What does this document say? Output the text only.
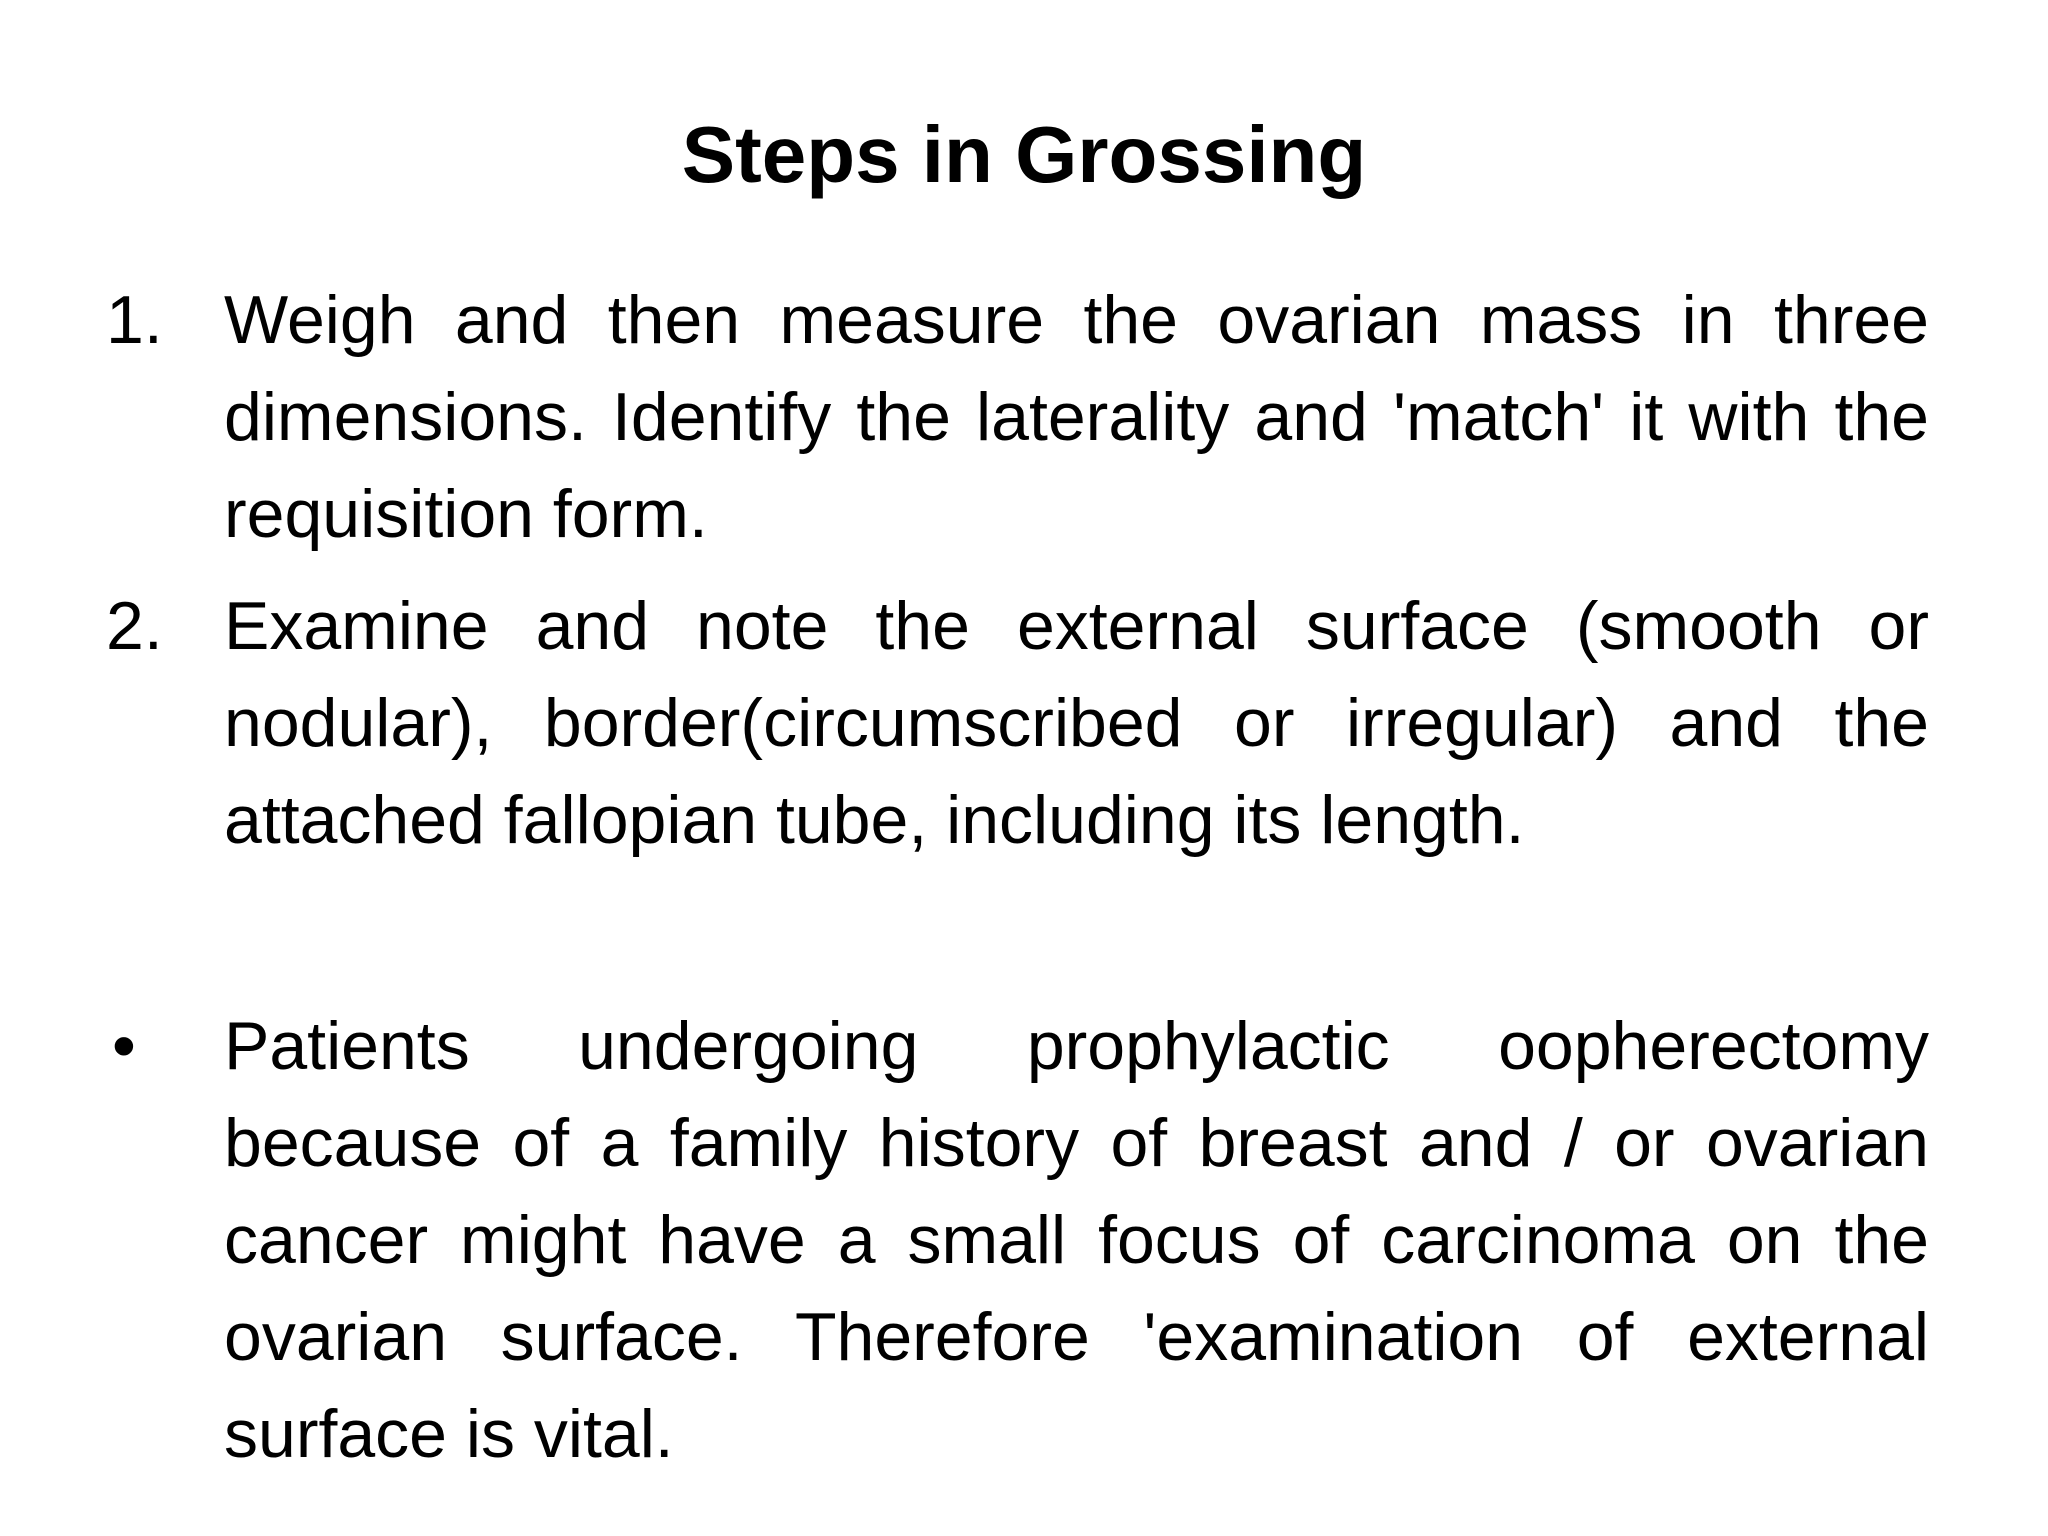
Steps in Grossing
1. Weigh and then measure the ovarian mass in three dimensions. Identify the laterality and 'match' it with the requisition form.
2. Examine and note the external surface (smooth or nodular), border(circumscribed or irregular) and the attached fallopian tube, including its length.
• Patients undergoing prophylactic oopherectomy because of a family history of breast and / or ovarian cancer might have a small focus of carcinoma on the ovarian surface. Therefore 'examination of external surface is vital.
